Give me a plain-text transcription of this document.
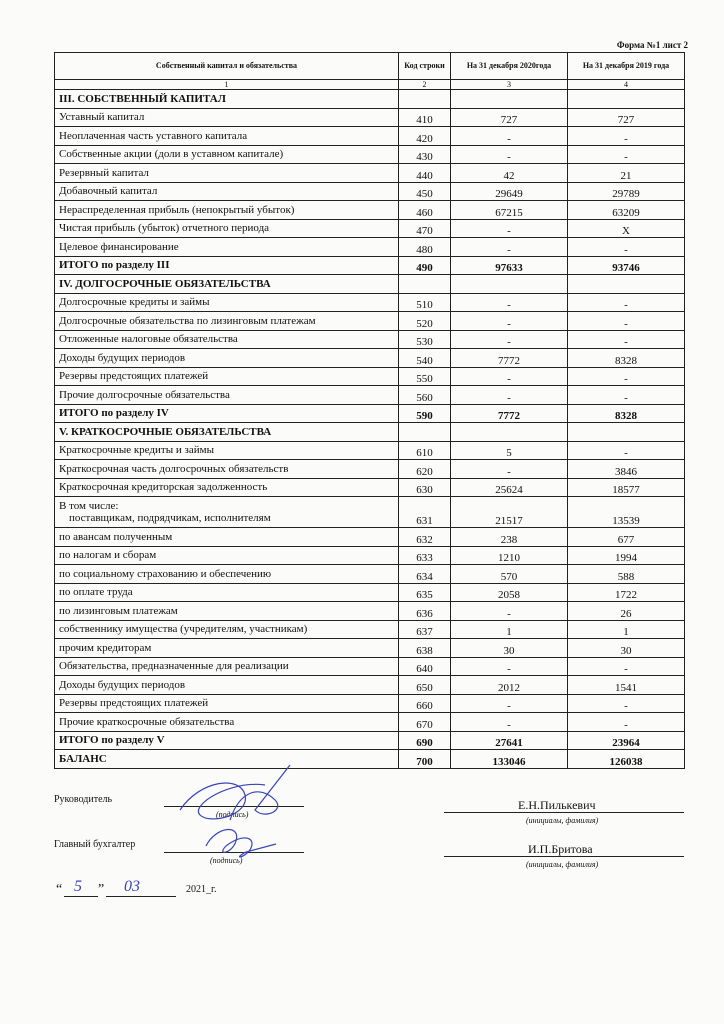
Форма №1 лист 2
Собственный капитал и обязательства	Код строки	На 31 декабря 2020года	На 31 декабря 2019 года
1	2	3	4
III. СОБСТВЕННЫЙ КАПИТАЛ			
Уставный капитал	410	727	727
Неоплаченная часть уставного капитала	420	-	-
Собственные акции (доли в уставном капитале)	430	-	-
Резервный капитал	440	42	21
Добавочный капитал	450	29649	29789
Нераспределенная прибыль (непокрытый убыток)	460	67215	63209
Чистая прибыль (убыток) отчетного периода	470	-	X
Целевое финансирование	480	-	-
ИТОГО по разделу III	490	97633	93746
IV. ДОЛГОСРОЧНЫЕ ОБЯЗАТЕЛЬСТВА			
Долгосрочные кредиты и займы	510	-	-
Долгосрочные обязательства по лизинговым платежам	520	-	-
Отложенные налоговые обязательства	530	-	-
Доходы будущих периодов	540	7772	8328
Резервы предстоящих платежей	550	-	-
Прочие долгосрочные обязательства	560	-	-
ИТОГО по разделу IV	590	7772	8328
V. КРАТКОСРОЧНЫЕ ОБЯЗАТЕЛЬСТВА			
Краткосрочные кредиты и займы	610	5	-
Краткосрочная часть долгосрочных обязательств	620	-	3846
Краткосрочная кредиторская задолженность	630	25624	18577

В том числе:
поставщикам, подрядчикам, исполнителям	631	21517	13539
по авансам полученным	632	238	677
по налогам и сборам	633	1210	1994
по социальному страхованию и обеспечению	634	570	588
по оплате труда	635	2058	1722
по лизинговым платежам	636	-	26
собственнику имущества (учредителям, участникам)	637	1	1
прочим кредиторам	638	30	30
Обязательства, предназначенные для реализации	640	-	-
Доходы будущих периодов	650	2012	1541
Резервы предстоящих платежей	660	-	-
Прочие краткосрочные обязательства	670	-	-
ИТОГО по разделу V	690	27641	23964
БАЛАНС	700	133046	126038
Руководитель
(подпись)
Е.Н.Пилькевич
(инициалы, фамилия)
Главный бухгалтер
(подпись)
И.П.Бритова
(инициалы, фамилия)
“ 5 ” 03	2021_г.
